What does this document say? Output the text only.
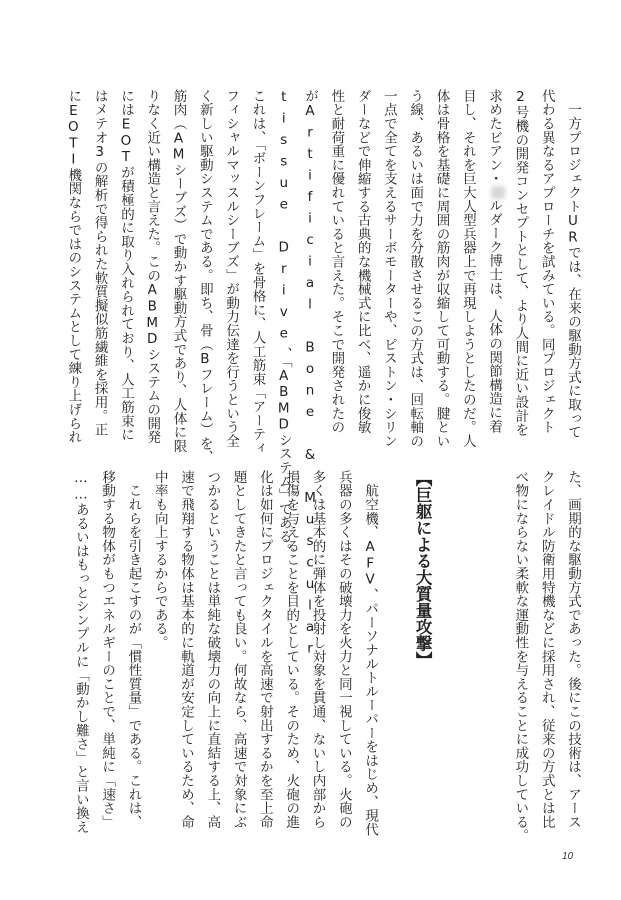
　一方プロジェクトURでは、在来の駆動方式に取って
代わる異なるアプローチを試みている。同プロジェクト
2号機の開発コンセプトとして、より人間に近い設計を
求めたビアン・ルダーク博士は、人体の関節構造に着
目し、それを巨大人型兵器上で再現しようとしたのだ。人
体は骨格を基礎に周囲の筋肉が収縮して可動する。腱とい
う線、あるいは面で力を分散させるこの方式は、回転軸の
一点で全てを支えるサーボモーターや、ピストン・シリン
ダーなどで伸縮する古典的な機械式に比べ、遥かに俊敏
性と耐荷重に優れていると言えた。そこで開発されたの
がArtificial Bone & Muscular
tissue Drive、「ABMDシステム」である。
これは、「ボーンフレーム」を骨格に、人工筋束「アーティ
フィシャルマッスルシーブズ」が動力伝達を行うという全
く新しい駆動システムである。即ち、骨（Bフレーム）を、
筋肉（AMシーブズ）で動かす駆動方式であり、人体に限
りなく近い構造と言えた。このABMDシステムの開発
にはEOTが積極的に取り入れられており、人工筋束に
はメテオ3の解析で得られた軟質擬似筋繊維を採用。正
にEOTI機関ならではのシステムとして練り上げられ
た、画期的な駆動方式であった。後にこの技術は、アース
クレイドル防衛用特機などに採用され、従来の方式とは比
べ物にならない柔軟な運動性を与えることに成功している。
【巨躯による大質量攻撃】
　航空機、AFV、パーソナルトルーパーをはじめ、現代
兵器の多くはその破壊力を火力と同一視している。火砲の
多くは基本的に弾体を投射し対象を貫通、ないし内部から
損傷を与えることを目的としている。そのため、火砲の進
化は如何にプロジェクタイルを高速で射出するかを至上命
題としてきたと言っても良い。何故なら、高速で対象にぶ
つかるということは単純な破壊力の向上に直結する上、高
速で飛翔する物体は基本的に軌道が安定しているため、命
中率も向上するからである。
　これらを引き起こすのが「慣性質量」である。これは、
移動する物体がもつエネルギーのことで、単純に「速さ」
……あるいはもっとシンプルに「動かし難さ」と言い換え
10
